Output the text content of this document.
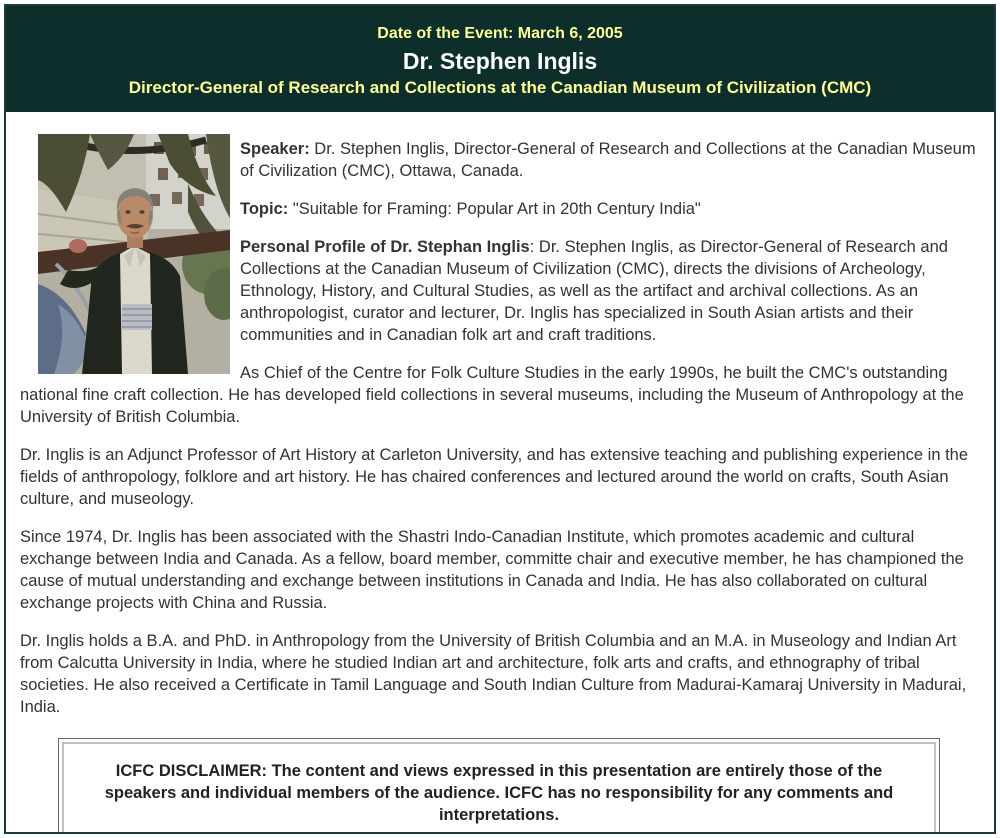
Date of the Event: March 6, 2005
Dr. Stephen Inglis
Director-General of Research and Collections at the Canadian Museum of Civilization (CMC)

Speaker: Dr. Stephen Inglis, Director-General of Research and Collections at the Canadian Museum of Civilization (CMC), Ottawa, Canada.

Topic: "Suitable for Framing: Popular Art in 20th Century India"

Personal Profile of Dr. Stephan Inglis: Dr. Stephen Inglis, as Director-General of Research and Collections at the Canadian Museum of Civilization (CMC), directs the divisions of Archeology, Ethnology, History, and Cultural Studies, as well as the artifact and archival collections. As an anthropologist, curator and lecturer, Dr. Inglis has specialized in South Asian artists and their communities and in Canadian folk art and craft traditions.

As Chief of the Centre for Folk Culture Studies in the early 1990s, he built the CMC's outstanding national fine craft collection. He has developed field collections in several museums, including the Museum of Anthropology at the University of British Columbia.

Dr. Inglis is an Adjunct Professor of Art History at Carleton University, and has extensive teaching and publishing experience in the fields of anthropology, folklore and art history. He has chaired conferences and lectured around the world on crafts, South Asian culture, and museology.

Since 1974, Dr. Inglis has been associated with the Shastri Indo-Canadian Institute, which promotes academic and cultural exchange between India and Canada. As a fellow, board member, committe chair and executive member, he has championed the cause of mutual understanding and exchange between institutions in Canada and India. He has also collaborated on cultural exchange projects with China and Russia.

Dr. Inglis holds a B.A. and PhD. in Anthropology from the University of British Columbia and an M.A. in Museology and Indian Art from Calcutta University in India, where he studied Indian art and architecture, folk arts and crafts, and ethnography of tribal societies. He also received a Certificate in Tamil Language and South Indian Culture from Madurai-Kamaraj University in Madurai, India.

ICFC DISCLAIMER: The content and views expressed in this presentation are entirely those of the speakers and individual members of the audience. ICFC has no responsibility for any comments and interpretations.
